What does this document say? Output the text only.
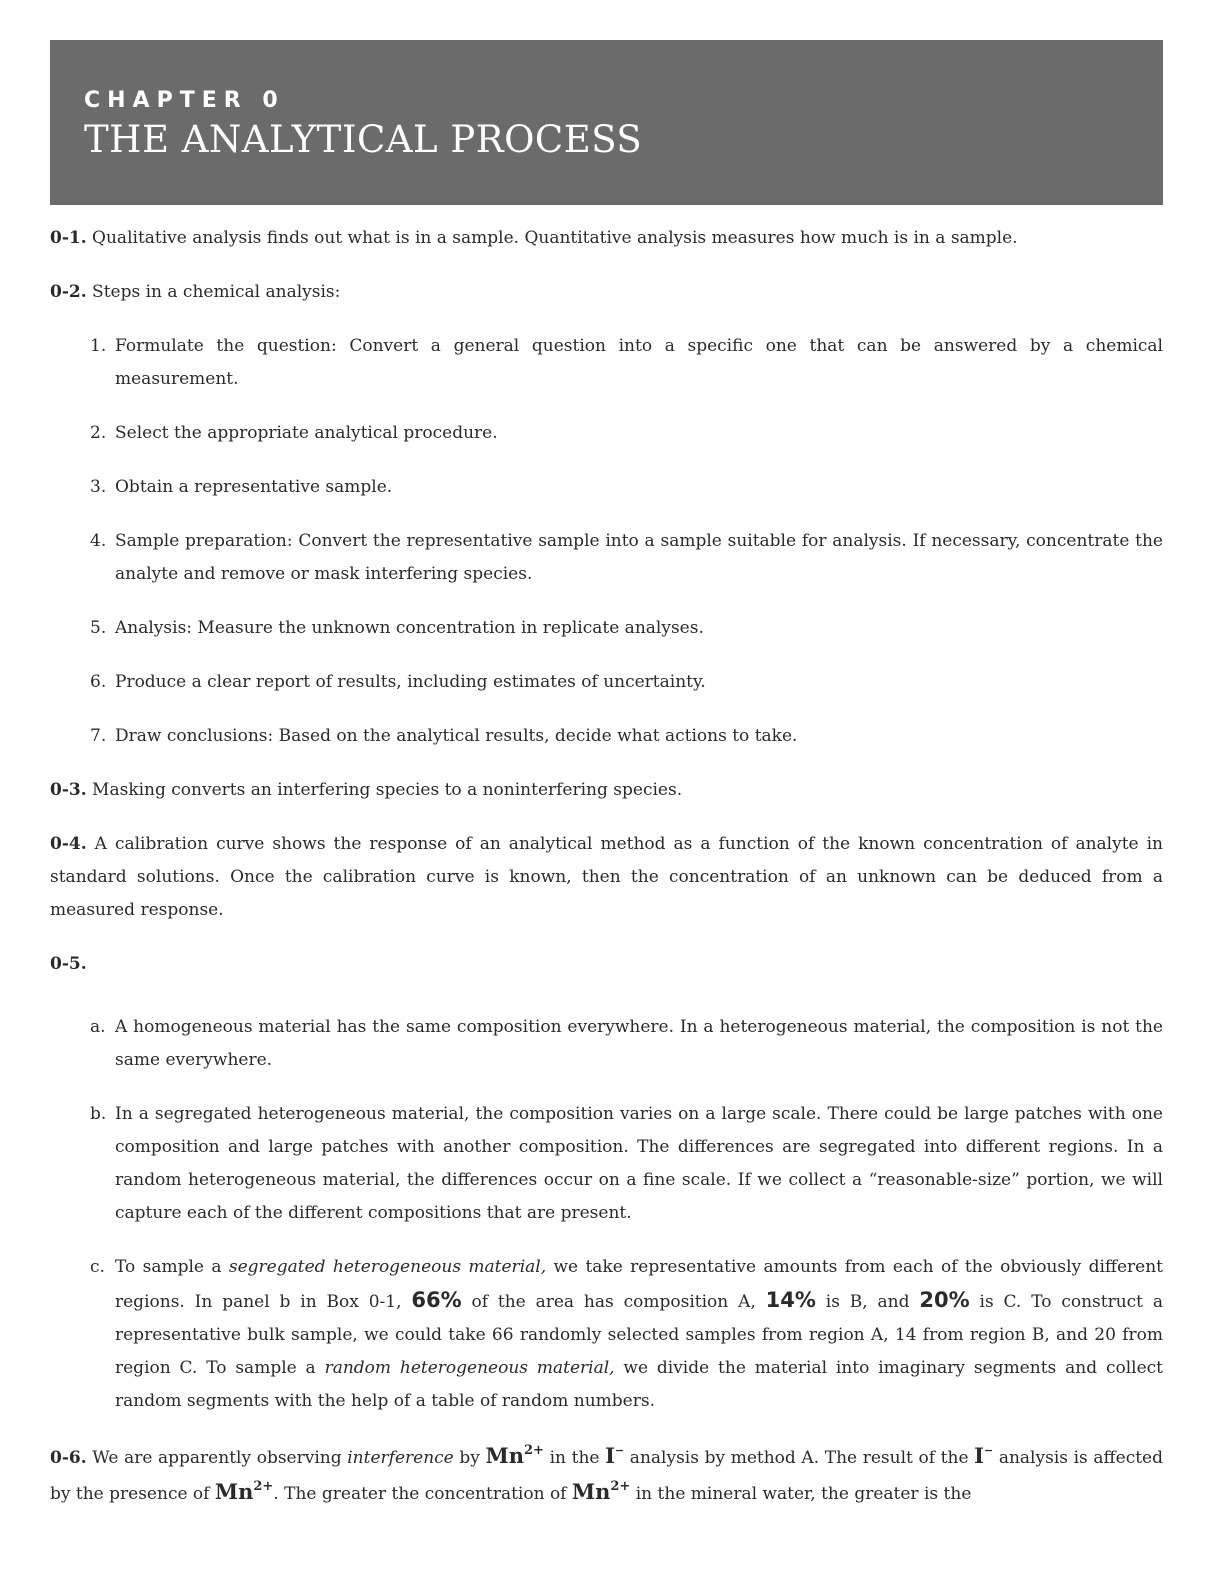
CHAPTER 0
THE ANALYTICAL PROCESS

0-1. Qualitative analysis finds out what is in a sample. Quantitative analysis measures how much is in a sample.

0-2. Steps in a chemical analysis:

1. Formulate the question: Convert a general question into a specific one that can be answered by a chemical measurement.
2. Select the appropriate analytical procedure.
3. Obtain a representative sample.
4. Sample preparation: Convert the representative sample into a sample suitable for analysis. If necessary, concentrate the analyte and remove or mask interfering species.
5. Analysis: Measure the unknown concentration in replicate analyses.
6. Produce a clear report of results, including estimates of uncertainty.
7. Draw conclusions: Based on the analytical results, decide what actions to take.

0-3. Masking converts an interfering species to a noninterfering species.

0-4. A calibration curve shows the response of an analytical method as a function of the known concentration of analyte in standard solutions. Once the calibration curve is known, then the concentration of an unknown can be deduced from a measured response.

0-5.

a. A homogeneous material has the same composition everywhere. In a heterogeneous material, the composition is not the same everywhere.
b. In a segregated heterogeneous material, the composition varies on a large scale. There could be large patches with one composition and large patches with another composition. The differences are segregated into different regions. In a random heterogeneous material, the differences occur on a fine scale. If we collect a “reasonable-size” portion, we will capture each of the different compositions that are present.
c. To sample a segregated heterogeneous material, we take representative amounts from each of the obviously different regions. In panel b in Box 0-1, 66% of the area has composition A, 14% is B, and 20% is C. To construct a representative bulk sample, we could take 66 randomly selected samples from region A, 14 from region B, and 20 from region C. To sample a random heterogeneous material, we divide the material into imaginary segments and collect random segments with the help of a table of random numbers.

0-6. We are apparently observing interference by $Mn^{2+}$ in the I− analysis by method A. The result of the I− analysis is affected by the presence of $Mn^{2+}$. The greater the concentration of $Mn^{2+}$ in the mineral water, the greater is the
